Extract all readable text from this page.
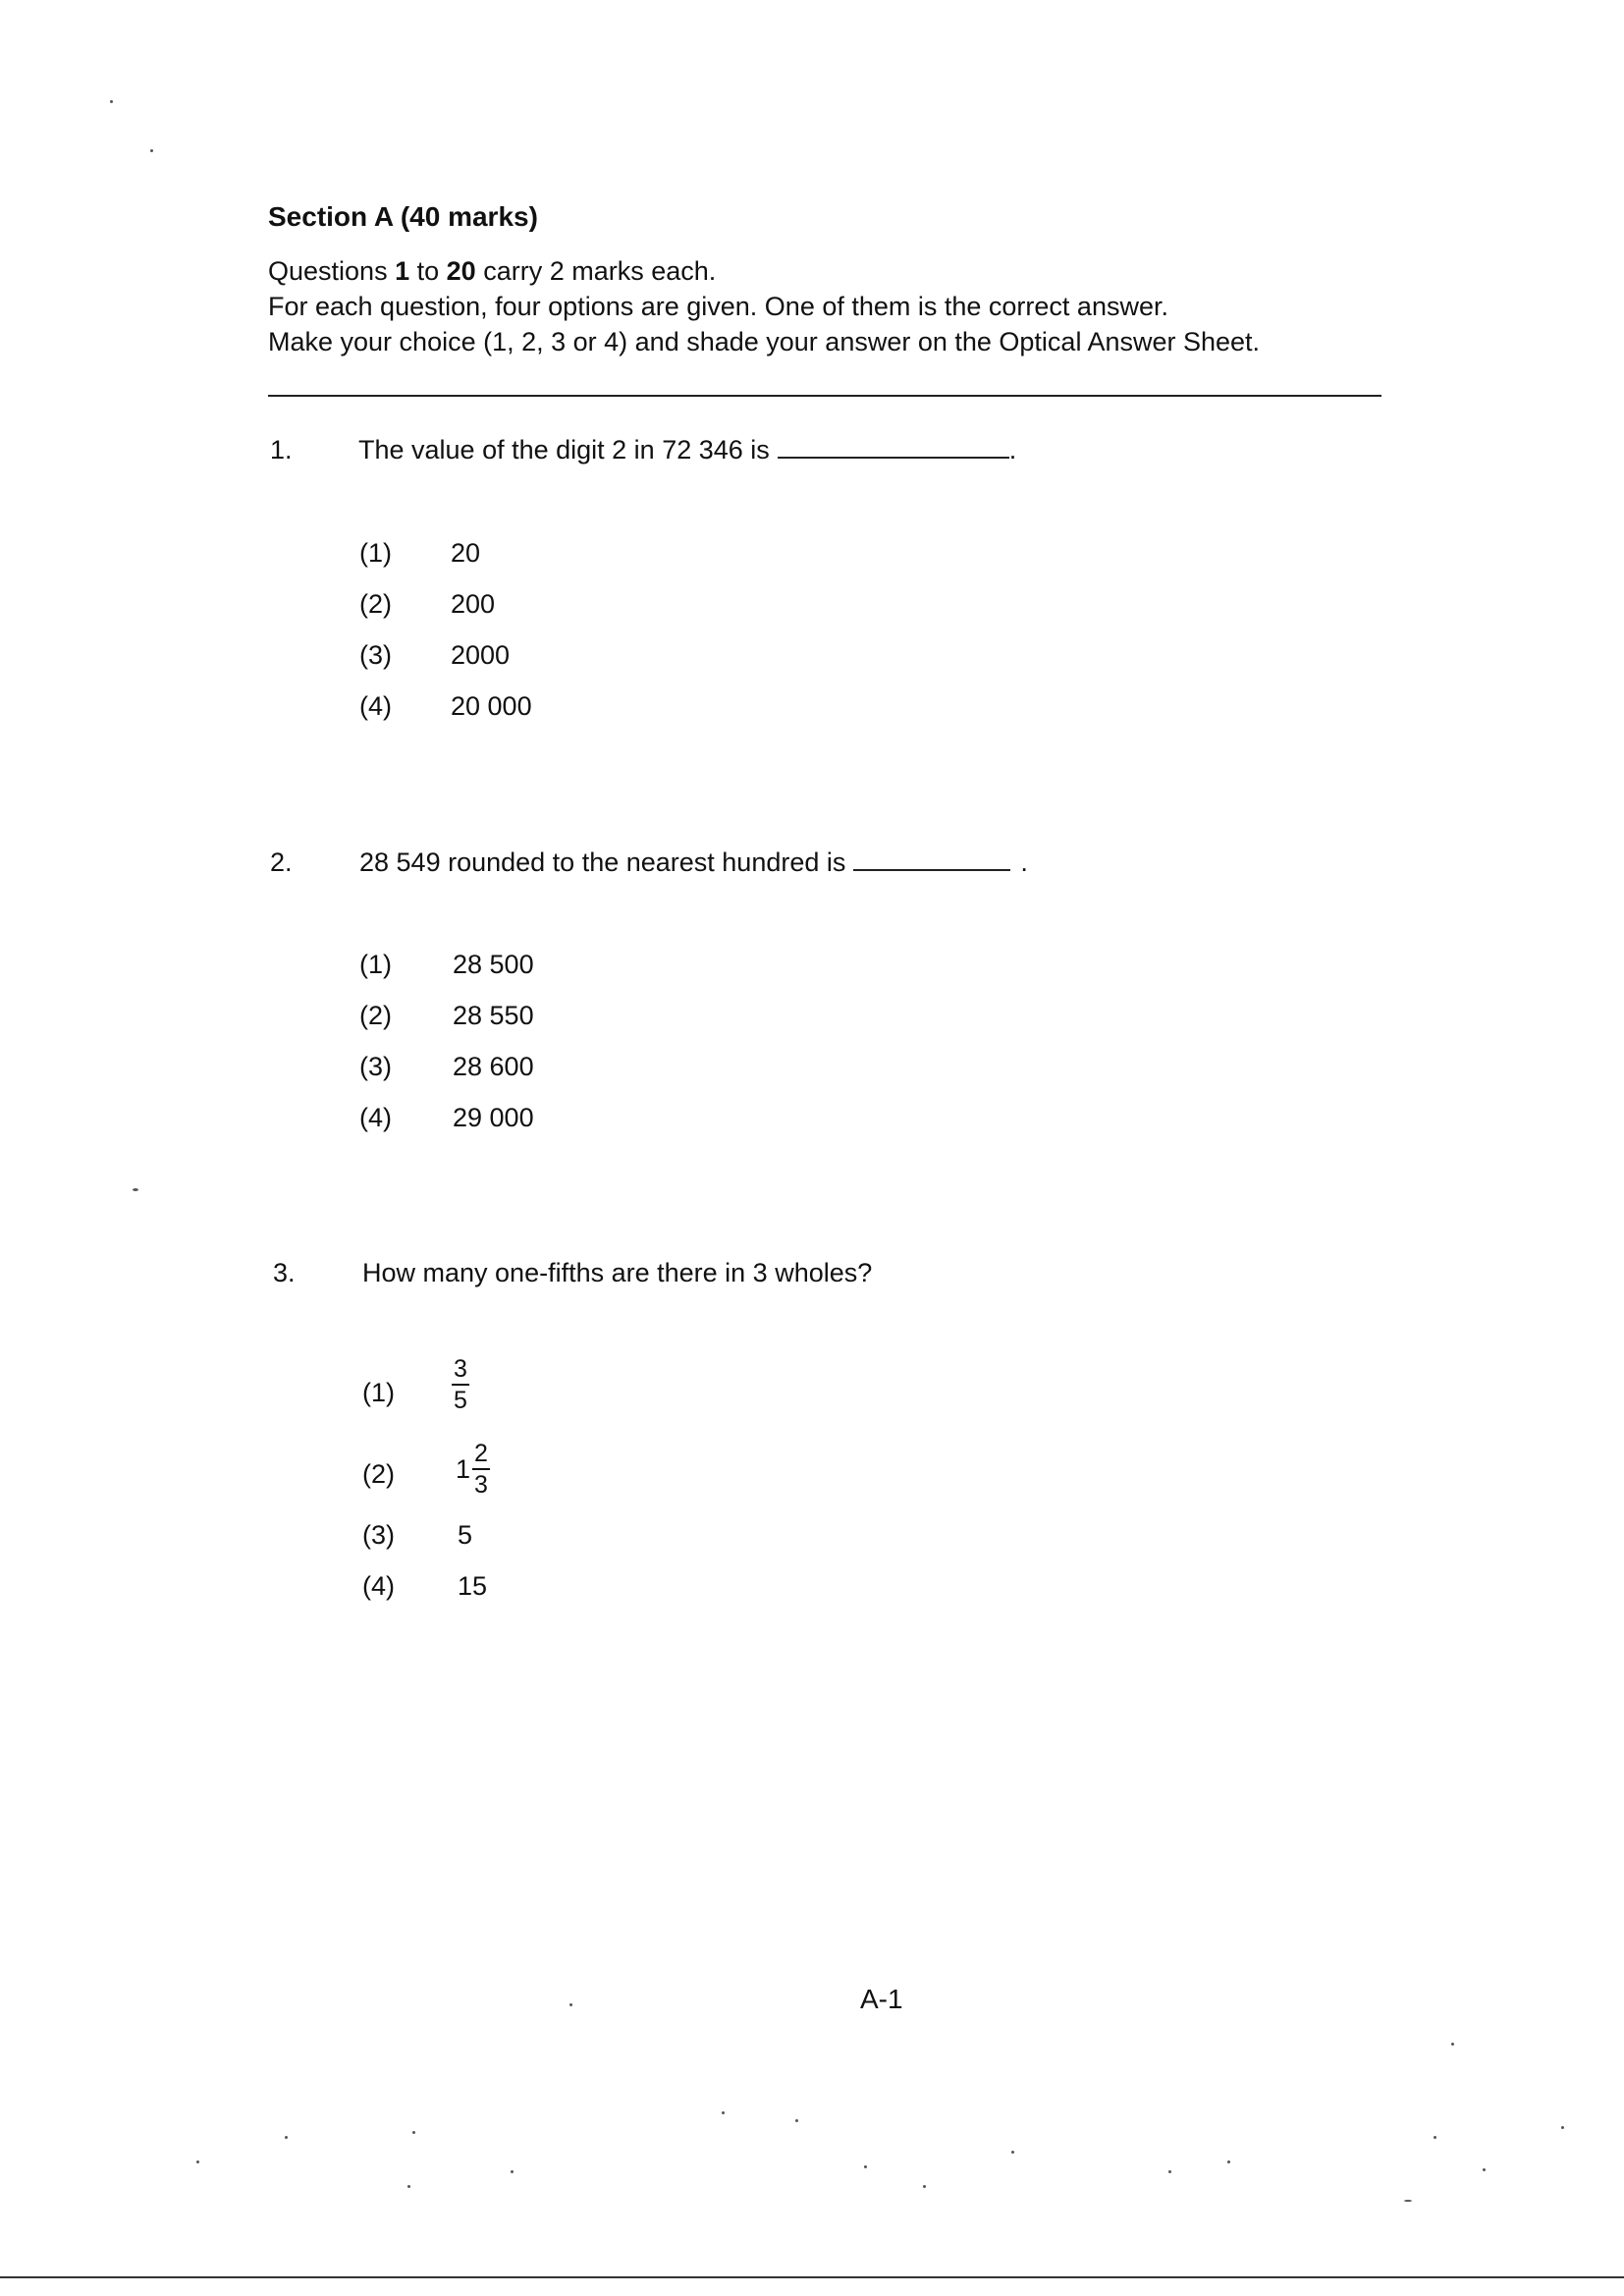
Section A (40 marks)
Questions 1 to 20 carry 2 marks each.
For each question, four options are given. One of them is the correct answer.
Make your choice (1, 2, 3 or 4) and shade your answer on the Optical Answer Sheet.
1. The value of the digit 2 in 72 346 is	.
(1) 20
(2) 200
(3) 2000
(4) 20 000
2.	28 549 rounded to the nearest hundred is	.
(1) 28 500
(2) 28 550
(3) 28 600
(4) 29 000
3.	How many one-fifths are there in 3 wholes?
$(1) \frac{3}{5}$
(2) $1 \frac{2}{3}$
(3) 5
(4) 15
A-1
